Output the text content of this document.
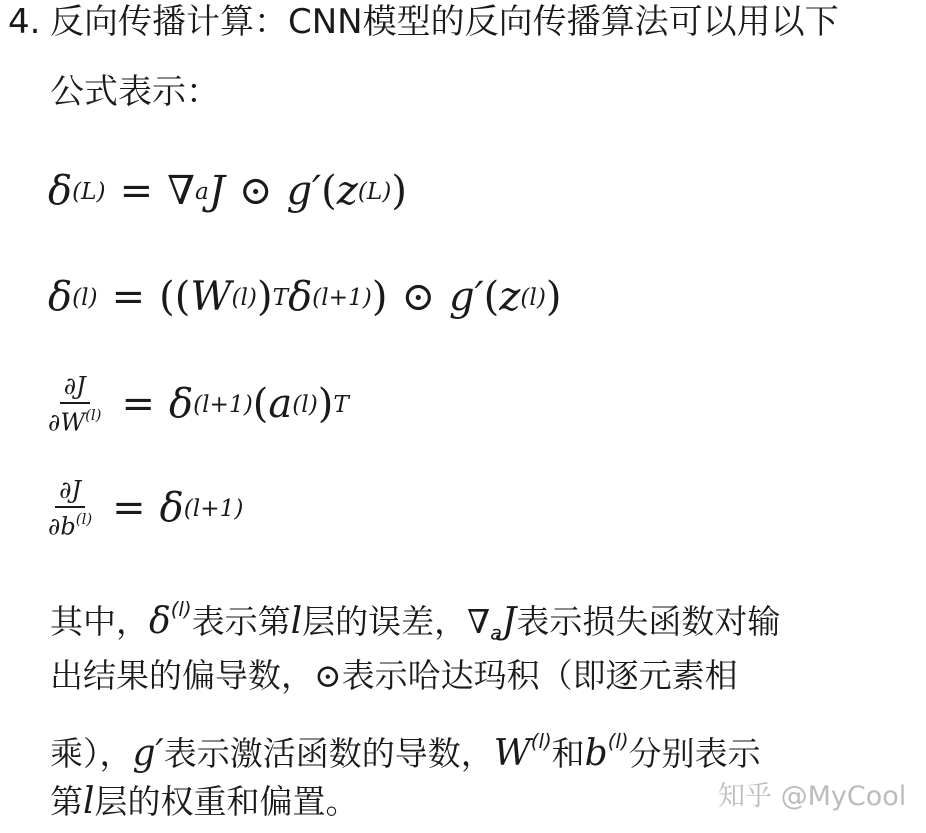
4. 反向传播计算：CNN模型的反向传播算法可以用以下
公式表示：
δ (L) = ∇ a J ⊙ g′ ( z (L) )
δ (l) = (( W (l) ) T δ (l+1) ) ⊙ g′ ( z (l) )
$\frac{\partial J}{\partial W^{(l)}} = \delta$ (l+1) ( a (l) ) T
$\frac{\partial J}{\partial b^{(l)}} = \delta$ (l+1)
其中，$\delta^{(l)}$表示第l层的误差，$\nabla_aJ$表示损失函数对输
出结果的偏导数，⊙表示哈达玛积（即逐元素相
乘），g′表示激活函数的导数，$W^{(l)}$和$b^{(l)}$分别表示
第l层的权重和偏置。	知乎 @MyCool
